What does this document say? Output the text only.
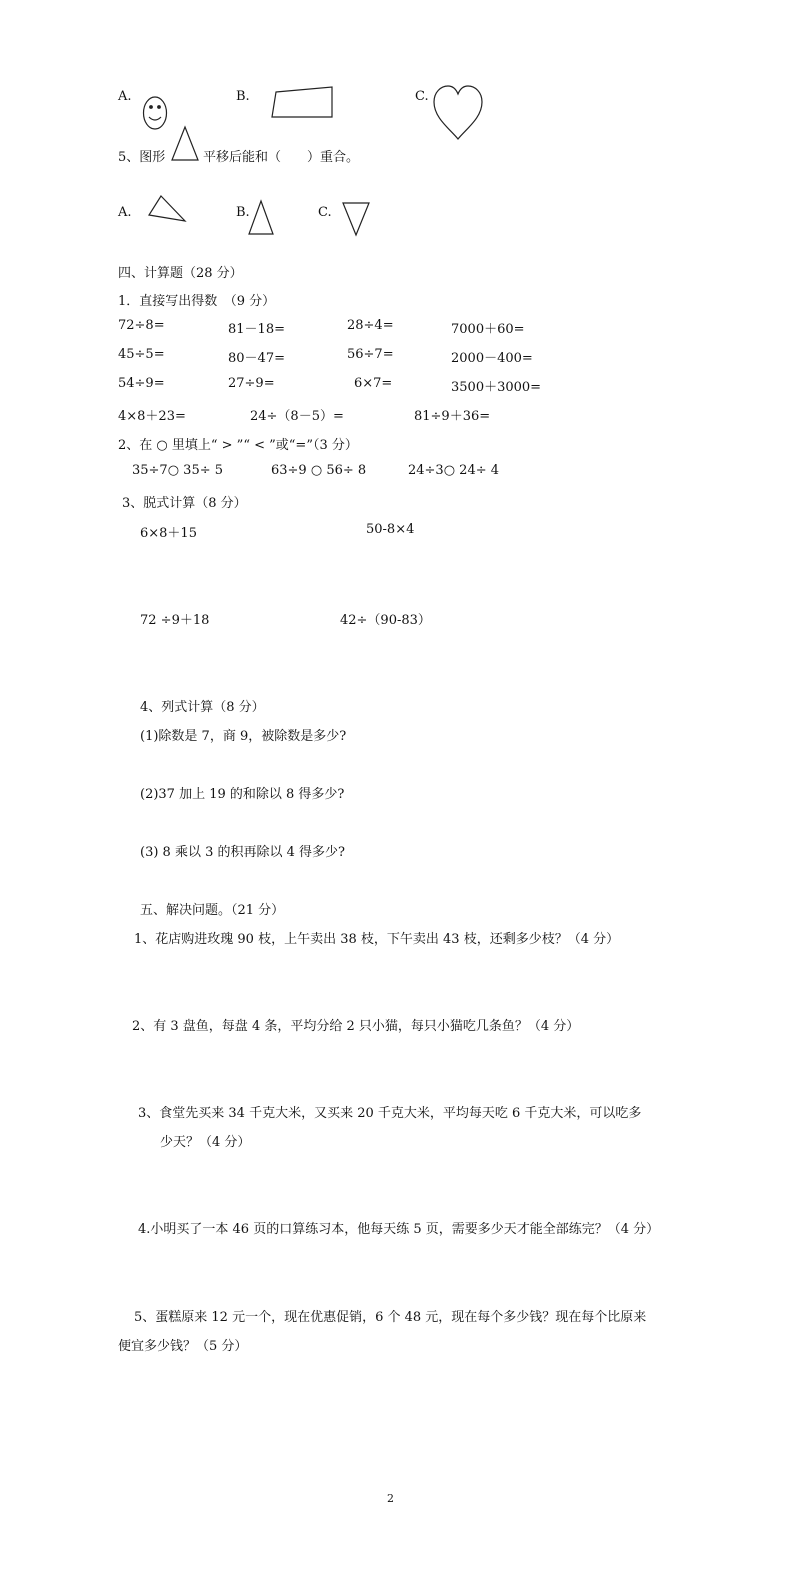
A.	B.	C.
5、图形	平移后能和（　　）重合。
A.	B.	C.
四、计算题（28 分）
1．直接写出得数　（9 分）
72÷8=	81－18=	28÷4=	7000＋60=
45÷5=	80－47=	56÷7=	2000－400=
54÷9=	27÷9=	6×7=	3500＋3000=
4×8＋23=	24÷（8－5）=	81÷9＋36=
2、在 ○ 里填上“ > ”“ < ”或“=”（3 分）
35÷7○ 35÷ 5	63÷9 ○ 56÷ 8	24÷3○ 24÷ 4
3、脱式计算（8 分）
6×8＋15	50-8×4
72 ÷9＋18	42÷（90-83）
4、列式计算（8 分）
(1)除数是 7，商 9，被除数是多少?
(2)37 加上 19 的和除以 8 得多少?
(3) 8 乘以 3 的积再除以 4 得多少?
五、解决问题。（21 分）
1、花店购进玫瑰 90 枝，上午卖出 38 枝，下午卖出 43 枝，还剩多少枝？（4 分）
2、有 3 盘鱼，每盘 4 条，平均分给 2 只小猫，每只小猫吃几条鱼？（4 分）
3、食堂先买来 34 千克大米，又买来 20 千克大米，平均每天吃 6 千克大米，可以吃多
少天？（4 分）
4.小明买了一本 46 页的口算练习本，他每天练 5 页，需要多少天才能全部练完？（4 分）
5、蛋糕原来 12 元一个，现在优惠促销，6 个 48 元，现在每个多少钱？现在每个比原来
便宜多少钱？（5 分）
2
